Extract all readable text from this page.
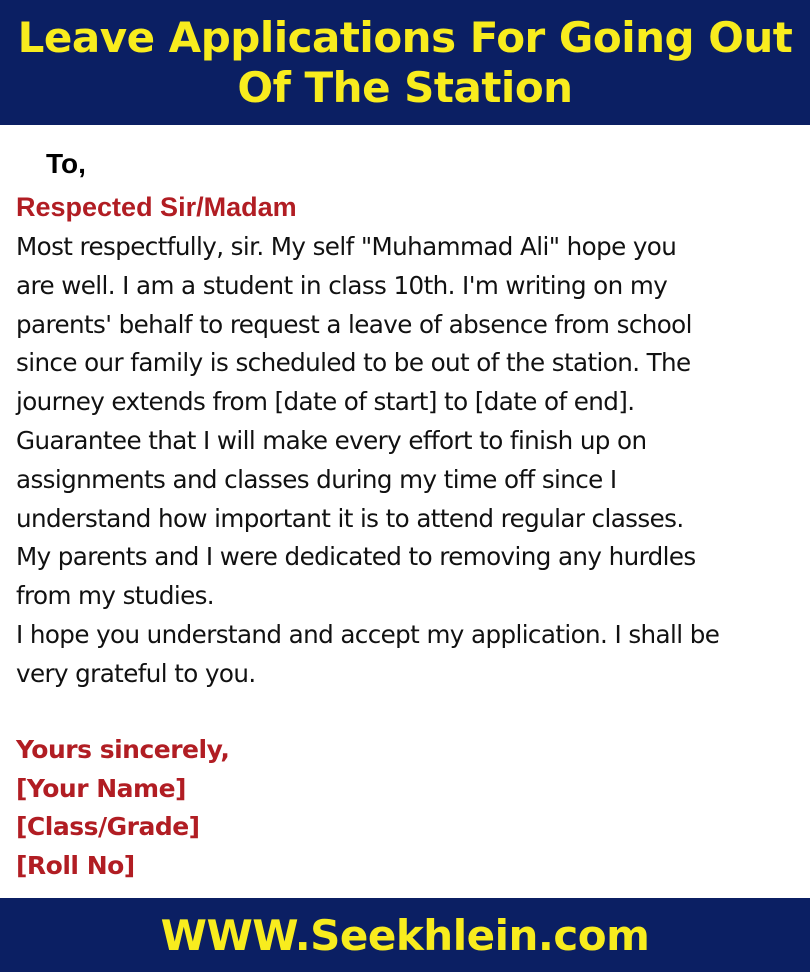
Leave Applications For Going Out
Of The Station
To,
Respected Sir/Madam

Most respectfully, sir. My self "Muhammad Ali" hope you

are well. I am a student in class 10th. I'm writing on my

parents' behalf to request a leave of absence from school

since our family is scheduled to be out of the station. The

journey extends from [date of start] to [date of end].

Guarantee that I will make every effort to finish up on

assignments and classes during my time off since I

understand how important it is to attend regular classes.

My parents and I were dedicated to removing any hurdles

from my studies.

I hope you understand and accept my application. I shall be

very grateful to you.

Yours sincerely,
[Your Name]
[Class/Grade]
[Roll No]
WWW.Seekhlein.com
